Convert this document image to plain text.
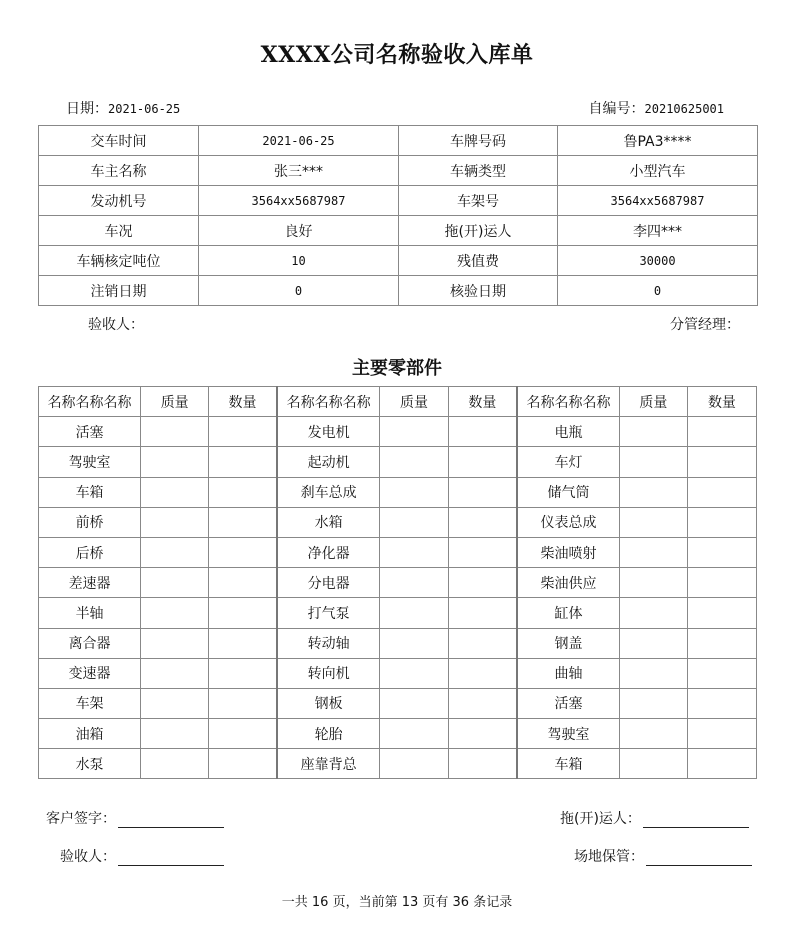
XXXX公司名称验收入库单
日期：2021-06-25	自编号：20210625001
交车时间	2021-06-25	车牌号码	鲁PA3****
车主名称	张三***	车辆类型	小型汽车
发动机号	3564xx5687987	车架号	3564xx5687987
车况	良好	拖(开)运人	李四***
车辆核定吨位	10	残值费	30000
注销日期	0	核验日期	0
验收人：	分管经理：
主要零部件
名称名称名称	质量	数量	名称名称名称	质量	数量	名称名称名称	质量	数量
活塞			发电机			电瓶		
驾驶室			起动机			车灯		
车箱			刹车总成			储气筒		
前桥			水箱			仪表总成		
后桥			净化器			柴油喷射		
差速器			分电器			柴油供应		
半轴			打气泵			缸体		
离合器			转动轴			钢盖		
变速器			转向机			曲轴		
车架			钢板			活塞		
油箱			轮胎			驾驶室		
水泵			座靠背总			车箱		
客户签字：	拖(开)运人：
验收人：	场地保管：
一共 16 页，当前第 13 页有 36 条记录
